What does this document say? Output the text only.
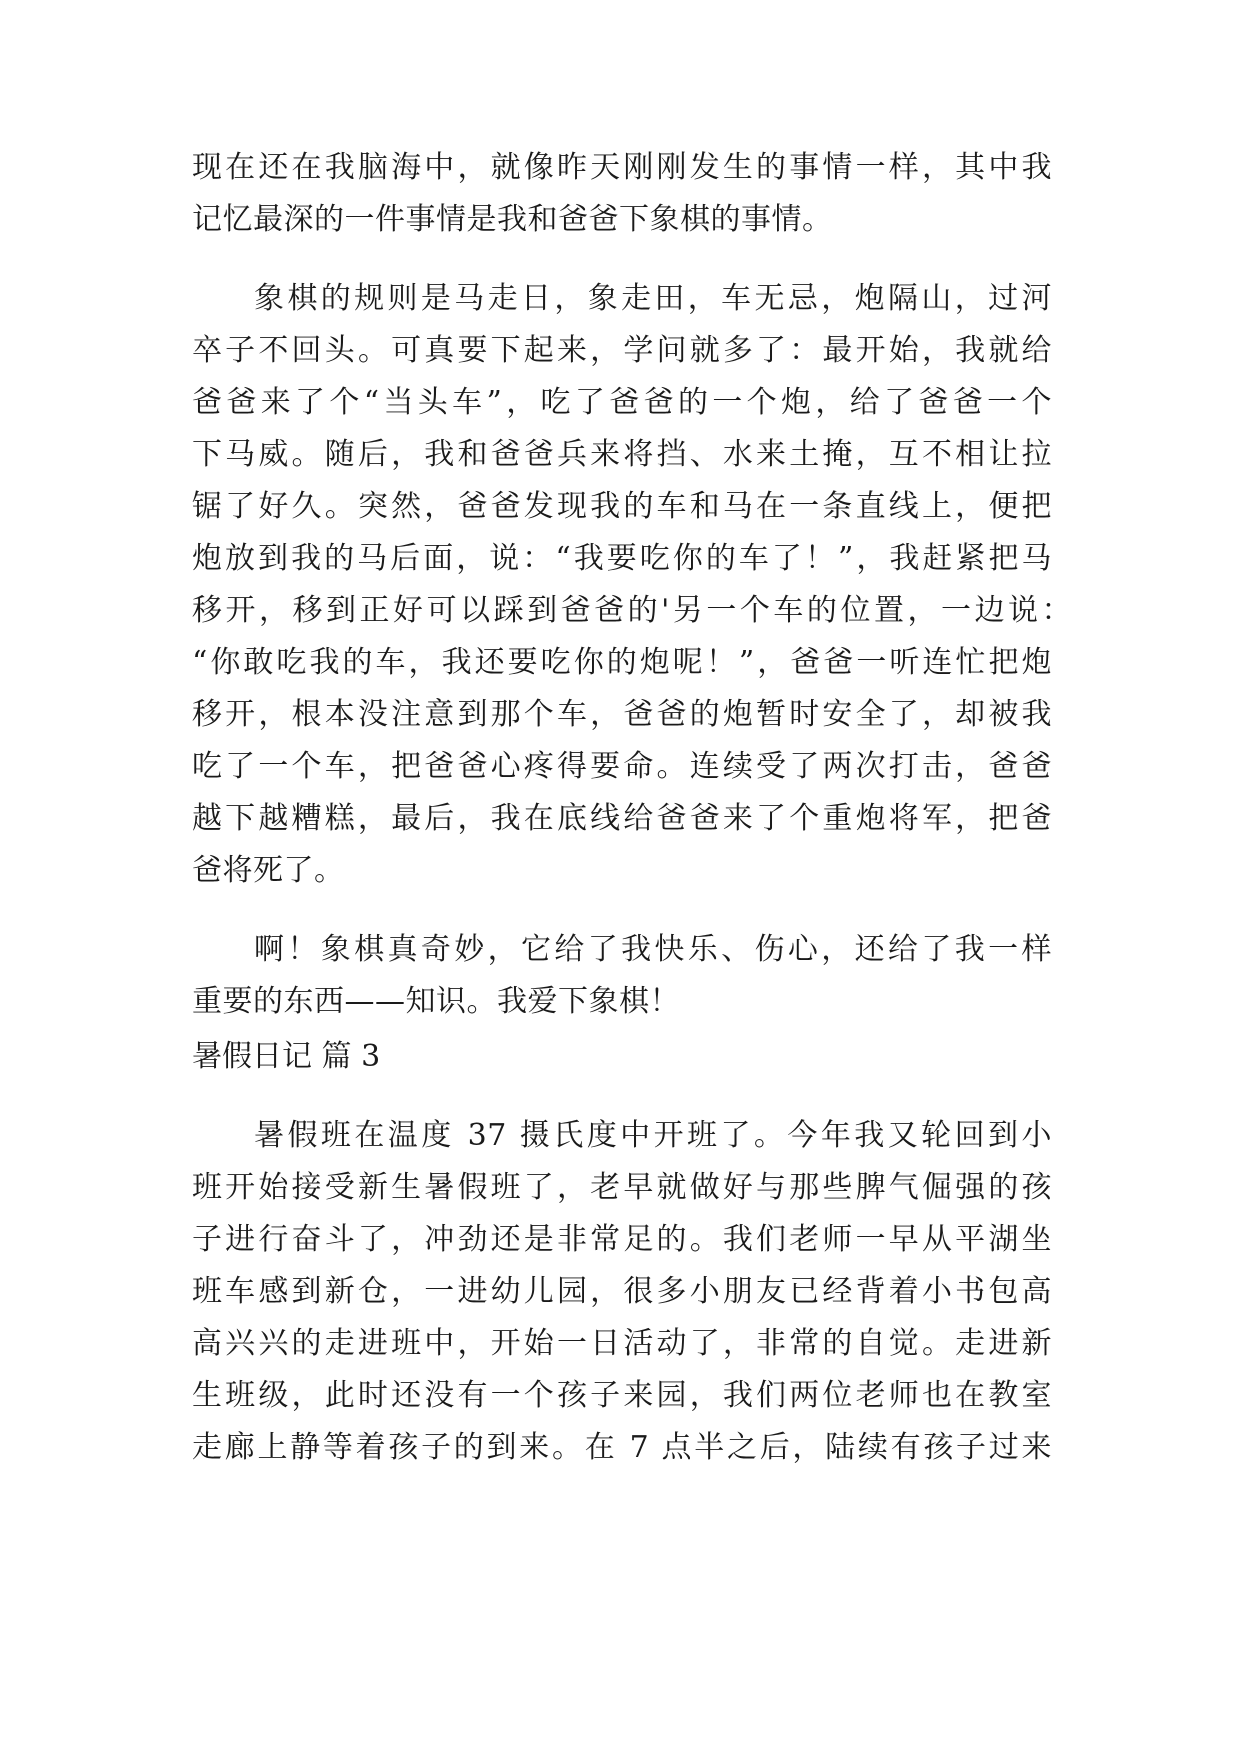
现在还在我脑海中，就像昨天刚刚发生的事情一样，其中我
记忆最深的一件事情是我和爸爸下象棋的事情。
象棋的规则是马走日，象走田，车无忌，炮隔山，过河
卒子不回头。可真要下起来，学问就多了：最开始，我就给
爸爸来了个“当头车”，吃了爸爸的一个炮，给了爸爸一个
下马威。随后，我和爸爸兵来将挡、水来土掩，互不相让拉
锯了好久。突然，爸爸发现我的车和马在一条直线上，便把
炮放到我的马后面，说：“我要吃你的车了！”，我赶紧把马
移开，移到正好可以踩到爸爸的'另一个车的位置，一边说：
“你敢吃我的车，我还要吃你的炮呢！”，爸爸一听连忙把炮
移开，根本没注意到那个车，爸爸的炮暂时安全了，却被我
吃了一个车，把爸爸心疼得要命。连续受了两次打击，爸爸
越下越糟糕，最后，我在底线给爸爸来了个重炮将军，把爸
爸将死了。
啊！象棋真奇妙，它给了我快乐、伤心，还给了我一样
重要的东西——知识。我爱下象棋！
暑假日记 篇 3
暑假班在温度 37 摄氏度中开班了。今年我又轮回到小
班开始接受新生暑假班了，老早就做好与那些脾气倔强的孩
子进行奋斗了，冲劲还是非常足的。我们老师一早从平湖坐
班车感到新仓，一进幼儿园，很多小朋友已经背着小书包高
高兴兴的走进班中，开始一日活动了，非常的自觉。走进新
生班级，此时还没有一个孩子来园，我们两位老师也在教室
走廊上静等着孩子的到来。在 7 点半之后，陆续有孩子过来
